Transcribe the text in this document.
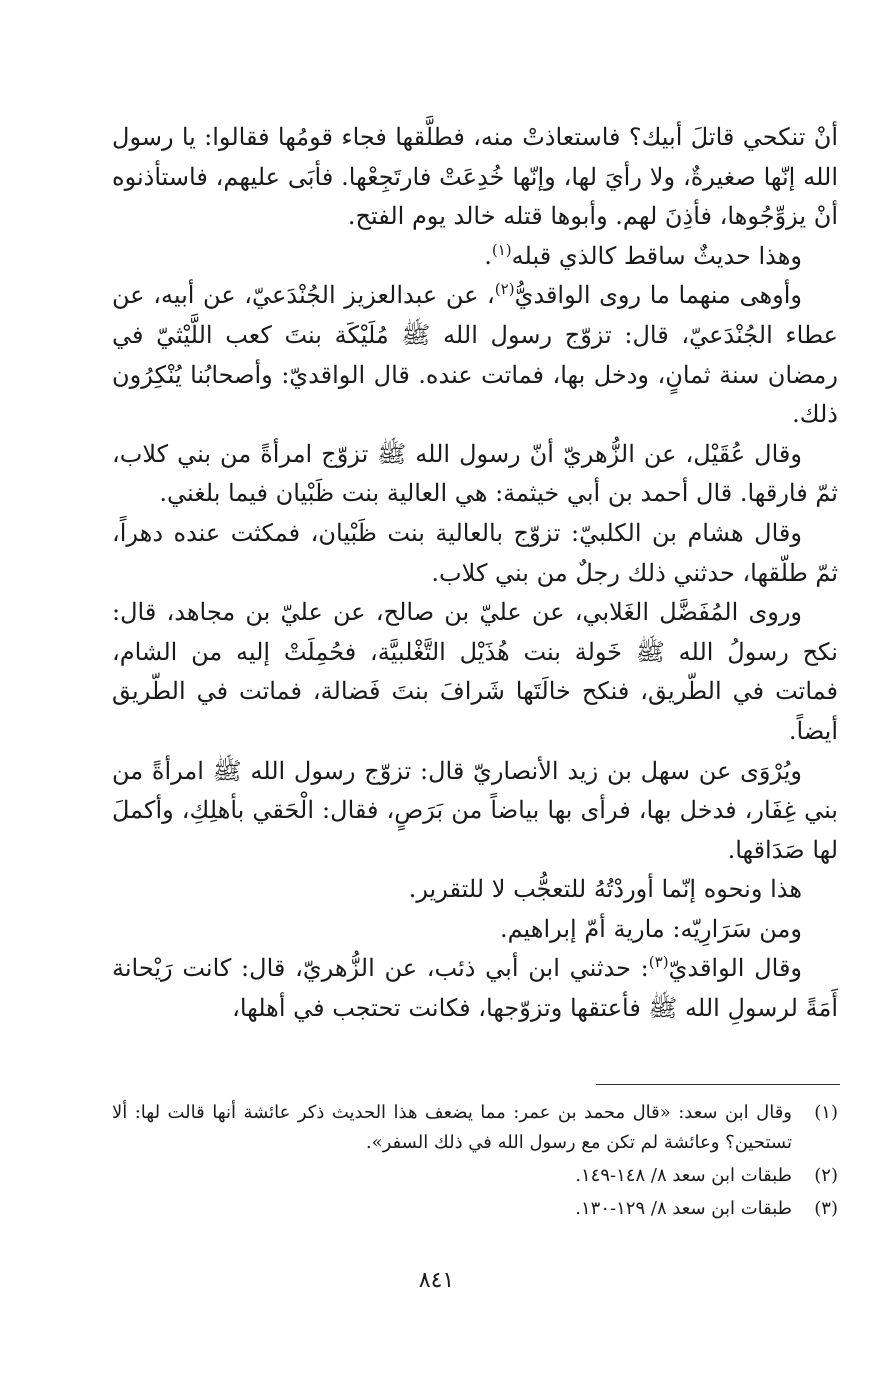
أنْ تنكحي قاتلَ أبيك؟ فاستعاذتْ منه، فطلَّقها فجاء قومُها فقالوا: يا رسول الله إنّها صغيرةٌ، ولا رأيَ لها، وإنّها خُدِعَتْ فارتَجِعْها. فأبَى عليهم، فاستأذنوه أنْ يزوِّجُوها، فأذِنَ لهم. وأبوها قتله خالد يوم الفتح.

وهذا حديثٌ ساقط كالذي قبله$^{(١)}$.

وأوهى منهما ما روى الواقديُّ$^{(٢)}$، عن عبدالعزيز الجُنْدَعيّ، عن أبيه، عن عطاء الجُنْدَعيّ، قال: تزوّج رسول الله ﷺ مُلَيْكَة بنتَ كعب اللَّيْثيّ في رمضان سنة ثمانٍ، ودخل بها، فماتت عنده. قال الواقديّ: وأصحابُنا يُنْكِرُون ذلك.

وقال عُقَيْل، عن الزُّهريّ أنّ رسول الله ﷺ تزوّج امرأةً من بني كلاب، ثمّ فارقها. قال أحمد بن أبي خيثمة: هي العالية بنت ظَبْيان فيما بلغني.

وقال هشام بن الكلبيّ: تزوّج بالعالية بنت ظَبْيان، فمكثت عنده دهراً، ثمّ طلّقها، حدثني ذلك رجلٌ من بني كلاب.

وروى المُفَضَّل الغَلابي، عن عليّ بن صالح، عن عليّ بن مجاهد، قال: نكح رسولُ الله ﷺ خَولة بنت هُذَيْل التَّغْلبيَّة، فحُمِلَتْ إليه من الشام، فماتت في الطّريق، فنكح خالَتَها شَرافَ بنتَ فَضالة، فماتت في الطّريق أيضاً.

ويُرْوَى عن سهل بن زيد الأنصاريّ قال: تزوّج رسول الله ﷺ امرأةً من بني غِفَار، فدخل بها، فرأى بها بياضاً من بَرَصٍ، فقال: الْحَقي بأهلِكِ، وأكملَ لها صَدَاقها.

هذا ونحوه إنّما أوردْتُهُ للتعجُّب لا للتقرير.

ومن سَرَارِيّه: مارية أمّ إبراهيم.

وقال الواقديّ$^{(٣)}$: حدثني ابن أبي ذئب، عن الزُّهريّ، قال: كانت رَيْحانة أَمَةً لرسولِ الله ﷺ فأعتقها وتزوّجها، فكانت تحتجب في أهلها،

(١)
وقال ابن سعد: «قال محمد بن عمر: مما يضعف هذا الحديث ذكر عائشة أنها قالت لها: ألا تستحين؟ وعائشة لم تكن مع رسول الله في ذلك السفر».
(٢)
طبقات ابن سعد ٨/ ١٤٨-١٤٩.
(٣)
طبقات ابن سعد ٨/ ١٢٩-١٣٠.
٨٤١
